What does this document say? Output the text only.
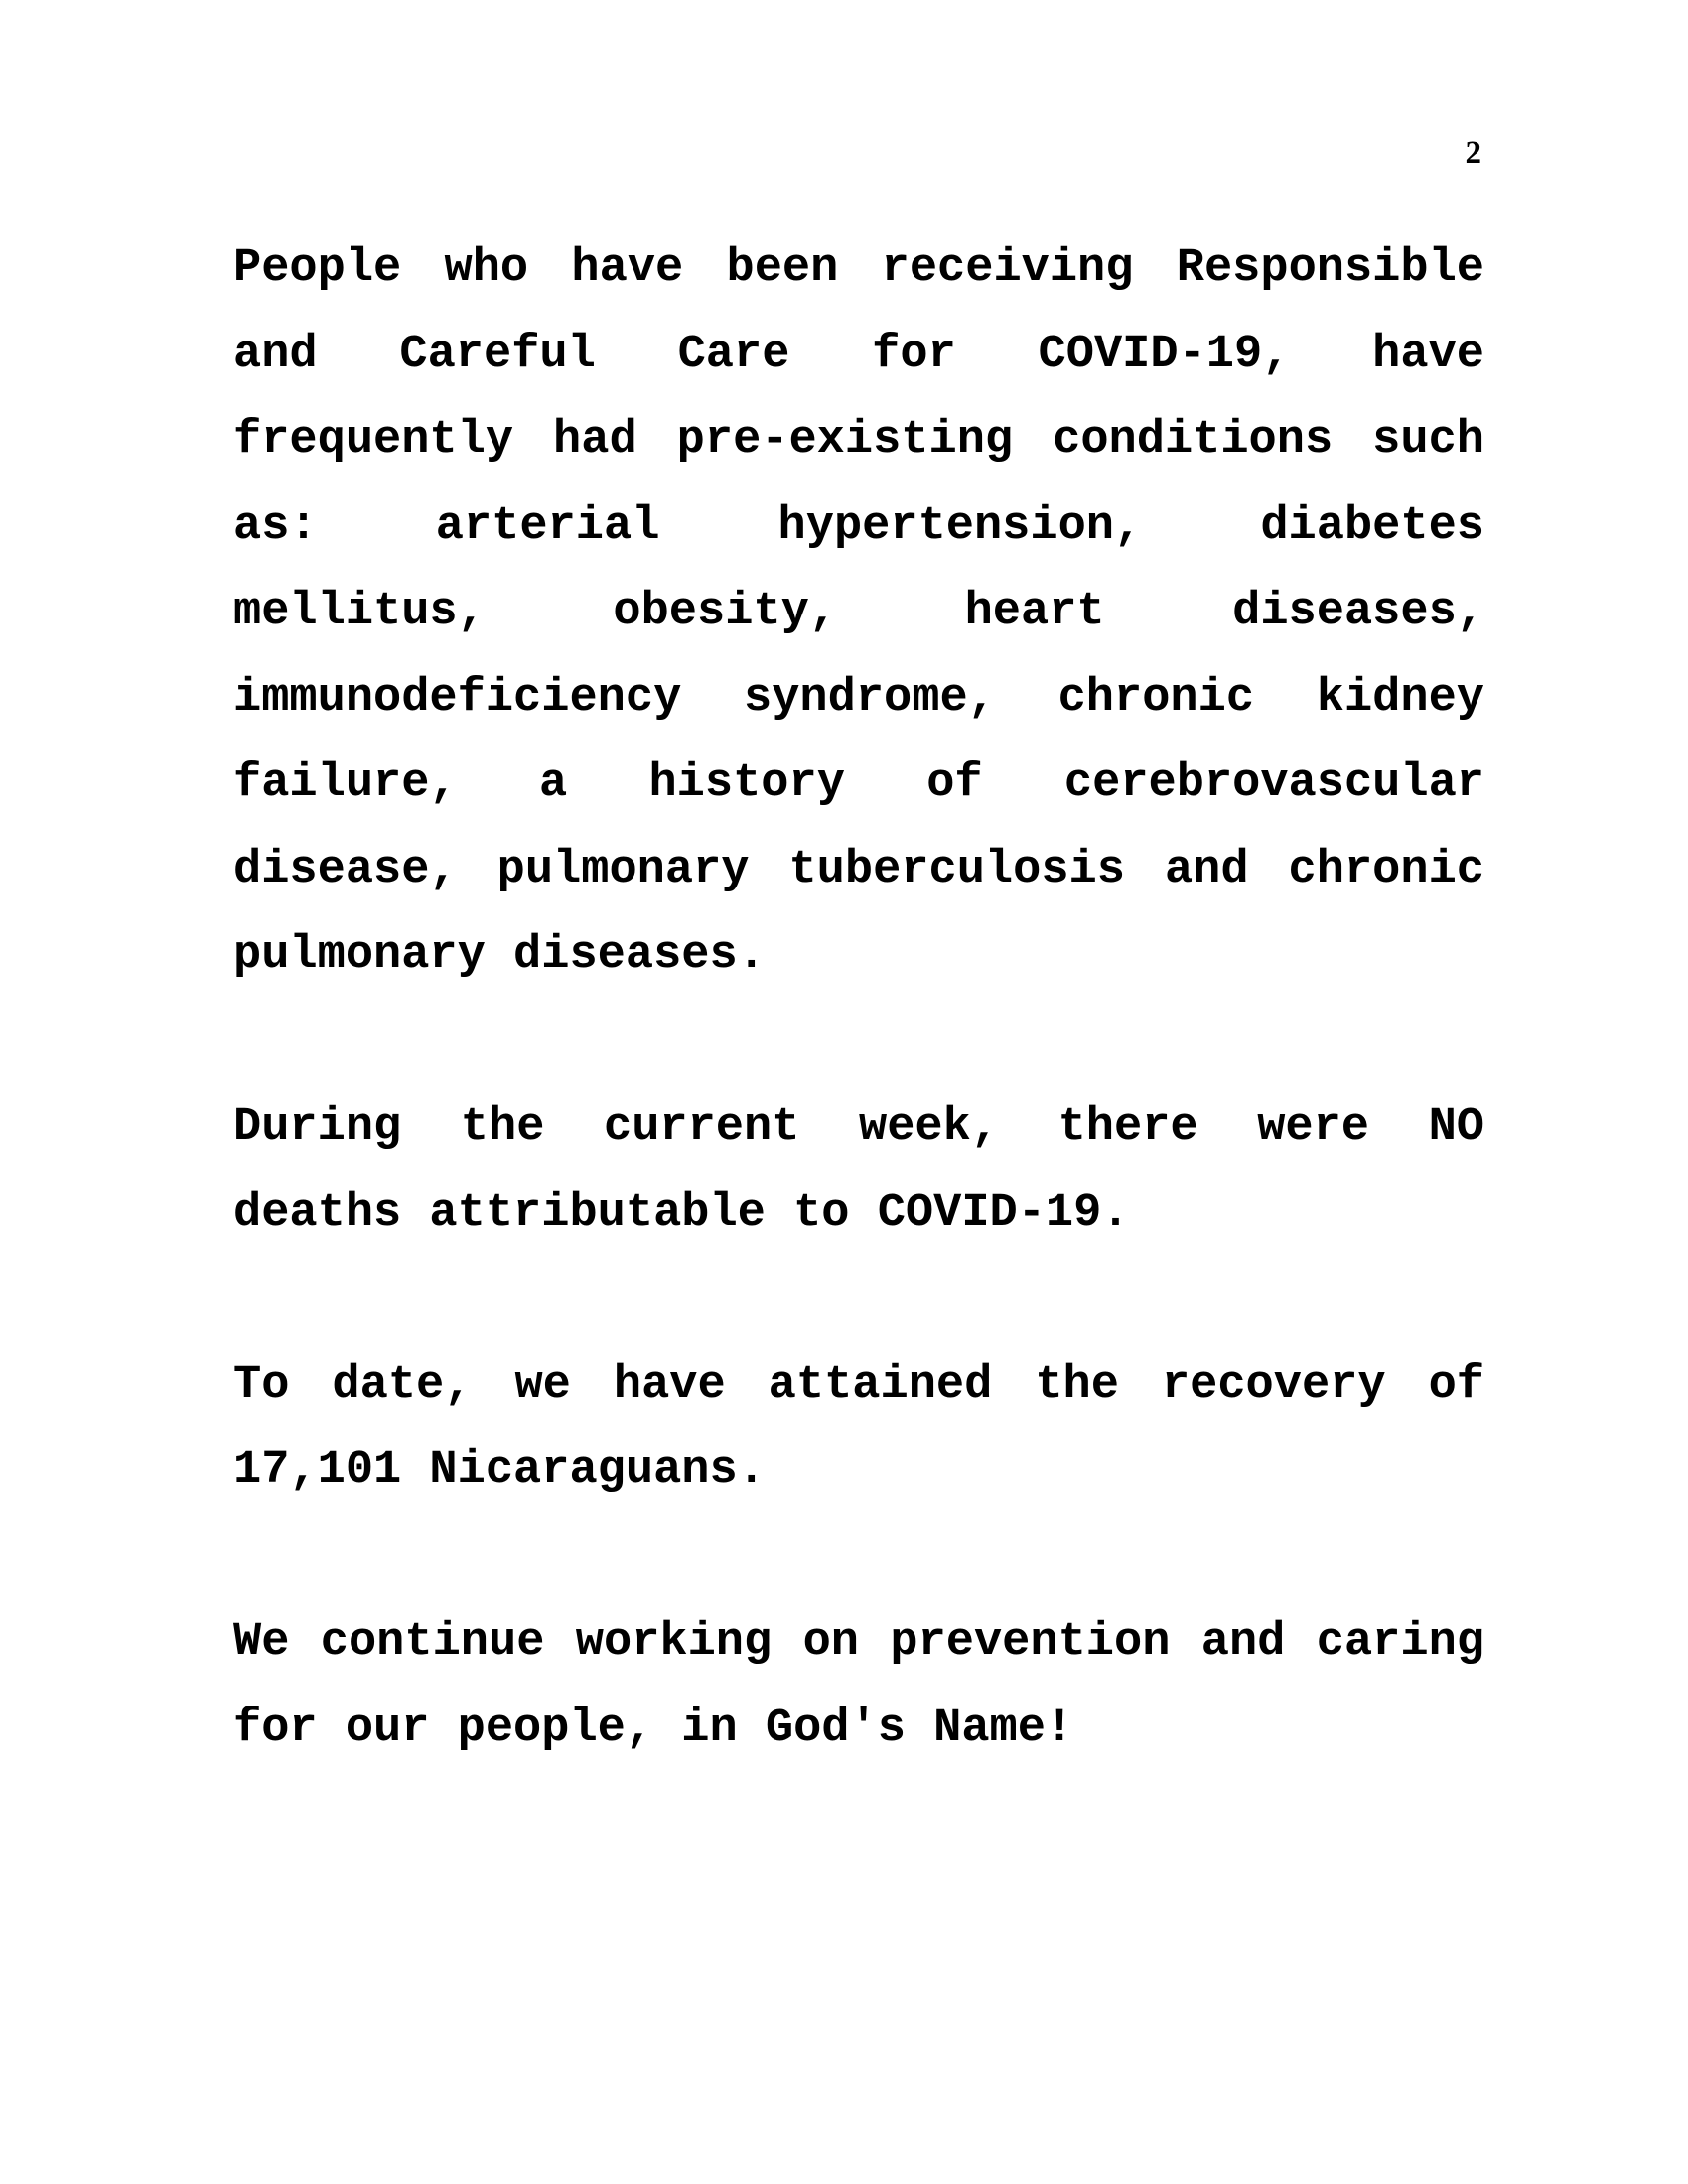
2

People who have been receiving Responsible and Careful Care for COVID-19, have frequently had pre-existing conditions such as: arterial hypertension, diabetes mellitus, obesity, heart diseases, immunodeficiency syndrome, chronic kidney failure, a history of cerebrovascular disease, pulmonary tuberculosis and chronic pulmonary diseases.

During the current week, there were NO deaths attributable to COVID-19.

To date, we have attained the recovery of 17,101 Nicaraguans.

We continue working on prevention and caring for our people, in God's Name!
